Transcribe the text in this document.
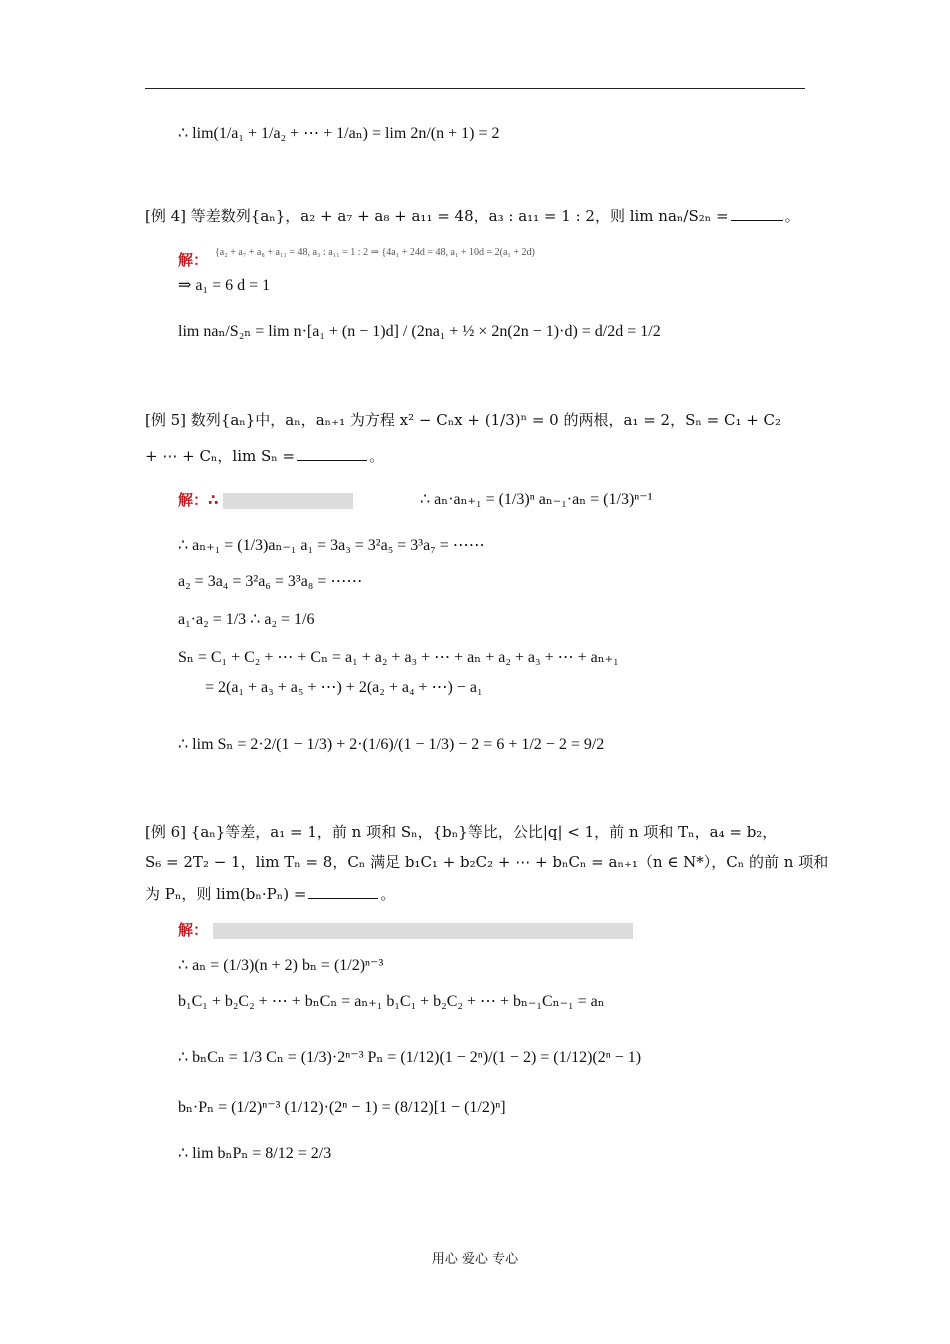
∴ lim(1/a₁ + 1/a₂ + ⋯ + 1/aₙ) = lim 2n/(n + 1) = 2
[例 4] 等差数列{aₙ}，a₂ + a₇ + a₈ + a₁₁ = 48，a₃ : a₁₁ = 1 : 2，则 lim naₙ/S₂ₙ =	。
解： {a₂ + a₇ + a₈ + a₁₁ = 48, a₃ : a₁₁ = 1 : 2 ⇒ {4a₁ + 24d = 48, a₁ + 10d = 2(a₁ + 2d)
⇒ a₁ = 6 d = 1
lim naₙ/S₂ₙ = lim n·[a₁ + (n − 1)d] / (2na₁ + ½ × 2n(2n − 1)·d) = d/2d = 1/2
[例 5] 数列{aₙ}中，aₙ，aₙ₊₁ 为方程 x² − Cₙx + (1/3)ⁿ = 0 的两根，a₁ = 2，Sₙ = C₁ + C₂
+ ⋯ + Cₙ，lim Sₙ =	。
解：∴	∴ aₙ·aₙ₊₁ = (1/3)ⁿ aₙ₋₁·aₙ = (1/3)ⁿ⁻¹
∴ aₙ₊₁ = (1/3)aₙ₋₁ a₁ = 3a₃ = 3²a₅ = 3³a₇ = ⋯⋯
a₂ = 3a₄ = 3²a₆ = 3³a₈ = ⋯⋯
a₁·a₂ = 1/3 ∴ a₂ = 1/6
Sₙ = C₁ + C₂ + ⋯ + Cₙ = a₁ + a₂ + a₃ + ⋯ + aₙ + a₂ + a₃ + ⋯ + aₙ₊₁
= 2(a₁ + a₃ + a₅ + ⋯) + 2(a₂ + a₄ + ⋯) − a₁
∴ lim Sₙ = 2·2/(1 − 1/3) + 2·(1/6)/(1 − 1/3) − 2 = 6 + 1/2 − 2 = 9/2
[例 6] {aₙ}等差，a₁ = 1，前 n 项和 Sₙ，{bₙ}等比，公比|q| < 1，前 n 项和 Tₙ，a₄ = b₂，
S₆ = 2T₂ − 1，lim Tₙ = 8，Cₙ 满足 b₁C₁ + b₂C₂ + ⋯ + bₙCₙ = aₙ₊₁（n ∈ N*），Cₙ 的前 n 项和
为 Pₙ，则 lim(bₙ·Pₙ) =	。
解：
∴ aₙ = (1/3)(n + 2) bₙ = (1/2)ⁿ⁻³
b₁C₁ + b₂C₂ + ⋯ + bₙCₙ = aₙ₊₁ b₁C₁ + b₂C₂ + ⋯ + bₙ₋₁Cₙ₋₁ = aₙ
∴ bₙCₙ = 1/3 Cₙ = (1/3)·2ⁿ⁻³ Pₙ = (1/12)(1 − 2ⁿ)/(1 − 2) = (1/12)(2ⁿ − 1)
bₙ·Pₙ = (1/2)ⁿ⁻³ (1/12)·(2ⁿ − 1) = (8/12)[1 − (1/2)ⁿ]
∴ lim bₙPₙ = 8/12 = 2/3
用心 爱心 专心
